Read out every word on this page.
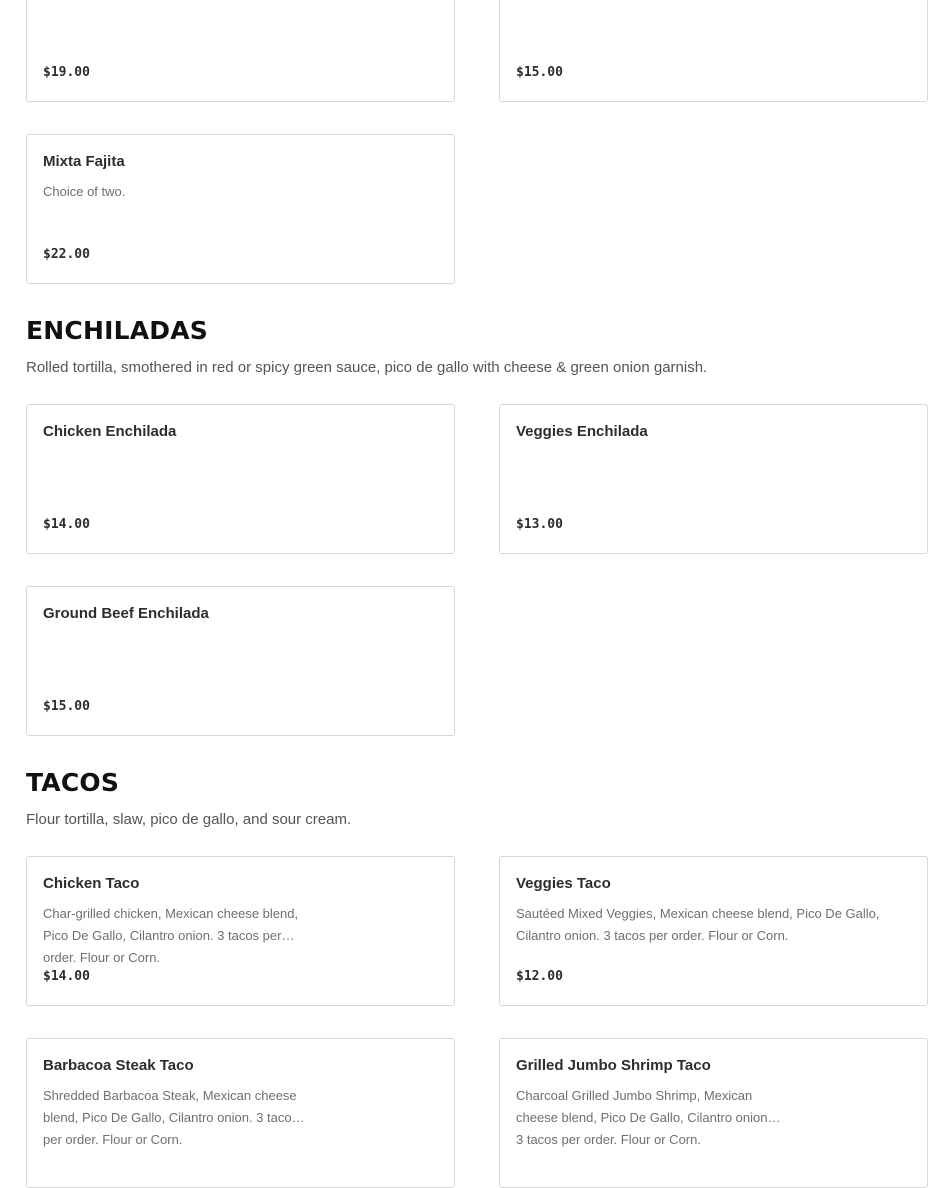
$19.00	$15.00
Mixta Fajita
Choice of two.
$22.00
ENCHILADAS
Rolled tortilla, smothered in red or spicy green sauce, pico de gallo with cheese & green onion garnish.
Chicken Enchilada
$14.00
Veggies Enchilada
$13.00
Ground Beef Enchilada
$15.00
TACOS
Flour tortilla, slaw, pico de gallo, and sour cream.
Chicken Taco
Char-grilled chicken, Mexican cheese blend, Pico De Gallo, Cilantro onion. 3 tacos per order. Flour or Corn.
$14.00
Veggies Taco
Sautéed Mixed Veggies, Mexican cheese blend, Pico De Gallo, Cilantro onion. 3 tacos per order. Flour or Corn.
$12.00
Barbacoa Steak Taco
Shredded Barbacoa Steak, Mexican cheese blend, Pico De Gallo, Cilantro onion. 3 tacos per order. Flour or Corn.
Grilled Jumbo Shrimp Taco
Charcoal Grilled Jumbo Shrimp, Mexican cheese blend, Pico De Gallo, Cilantro onion. 3 tacos per order. Flour or Corn.
